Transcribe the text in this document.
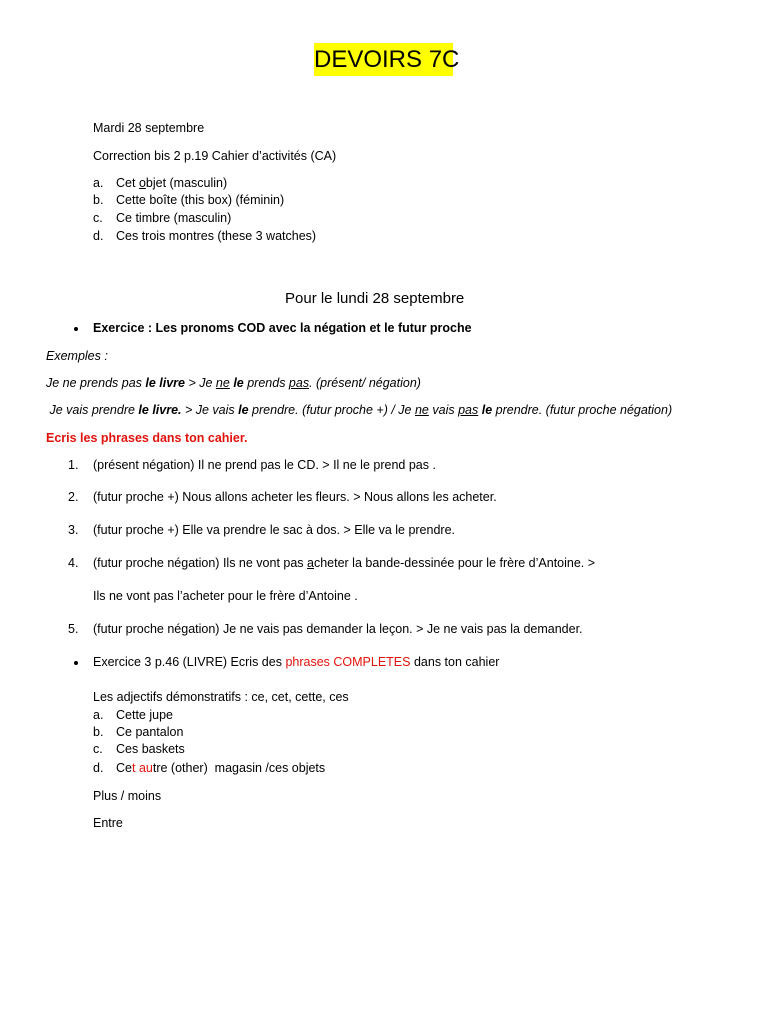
DEVOIRS 7C
Mardi 28 septembre
Correction bis 2 p.19 Cahier d’activités (CA)
a. Cet objet (masculin)
b. Cette boîte (this box) (féminin)
c. Ce timbre (masculin)
d. Ces trois montres (these 3 watches)
Pour le lundi 28 septembre
Exercice : Les pronoms COD avec la négation et le futur proche
Exemples :
Je ne prends pas le livre > Je ne le prends pas. (présent/ négation)
Je vais prendre le livre. > Je vais le prendre. (futur proche +) / Je ne vais pas le prendre. (futur proche négation)
Ecris les phrases dans ton cahier.
1. (présent négation) Il ne prend pas le CD. > Il ne le prend pas .
2. (futur proche +) Nous allons acheter les fleurs. > Nous allons les acheter.
3. (futur proche +) Elle va prendre le sac à dos. > Elle va le prendre.
4. (futur proche négation) Ils ne vont pas acheter la bande-dessinée pour le frère d’Antoine. >
Ils ne vont pas l’acheter pour le frère d’Antoine .
5. (futur proche négation) Je ne vais pas demander la leçon. > Je ne vais pas la demander.
Exercice 3 p.46 (LIVRE) Ecris des phrases COMPLETES dans ton cahier
Les adjectifs démonstratifs : ce, cet, cette, ces
a. Cette jupe
b. Ce pantalon
c. Ces baskets
d. Cet autre (other)  magasin /ces objets
Plus / moins
Entre
